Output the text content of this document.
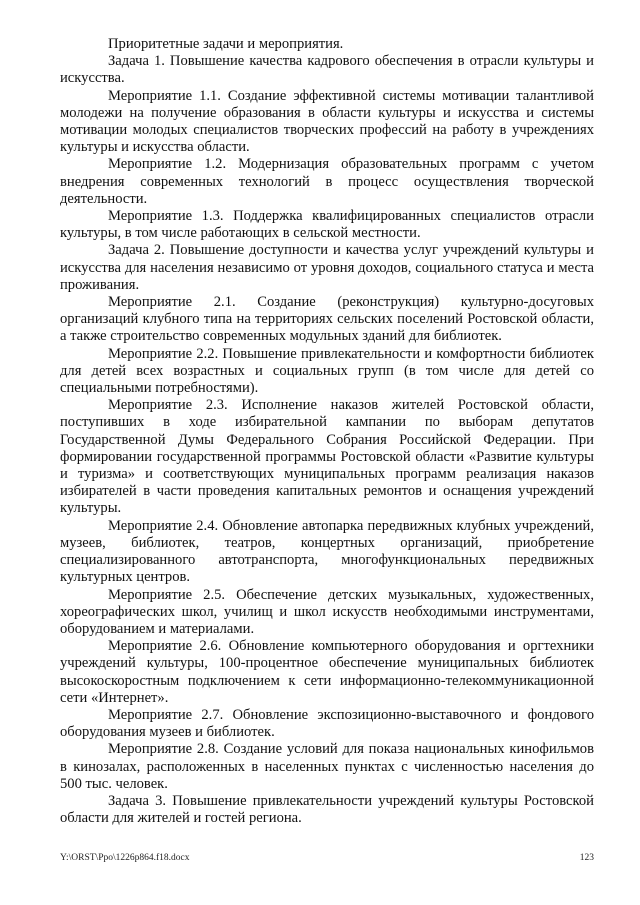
Приоритетные задачи и мероприятия.

Задача 1. Повышение качества кадрового обеспечения в отрасли культуры и искусства.

Мероприятие 1.1. Создание эффективной системы мотивации талантливой молодежи на получение образования в области культуры и искусства и системы мотивации молодых специалистов творческих профессий на работу в учреждениях культуры и искусства области.

Мероприятие 1.2. Модернизация образовательных программ с учетом внедрения современных технологий в процесс осуществления творческой деятельности.

Мероприятие 1.3. Поддержка квалифицированных специалистов отрасли культуры, в том числе работающих в сельской местности.

Задача 2. Повышение доступности и качества услуг учреждений культуры и искусства для населения независимо от уровня доходов, социального статуса и места проживания.

Мероприятие 2.1. Создание (реконструкция) культурно-досуговых организаций клубного типа на территориях сельских поселений Ростовской области, а также строительство современных модульных зданий для библиотек.

Мероприятие 2.2. Повышение привлекательности и комфортности библиотек для детей всех возрастных и социальных групп (в том числе для детей со специальными потребностями).

Мероприятие 2.3. Исполнение наказов жителей Ростовской области, поступивших в ходе избирательной кампании по выборам депутатов Государственной Думы Федерального Собрания Российской Федерации. При формировании государственной программы Ростовской области «Развитие культуры и туризма» и соответствующих муниципальных программ реализация наказов избирателей в части проведения капитальных ремонтов и оснащения учреждений культуры.

Мероприятие 2.4. Обновление автопарка передвижных клубных учреждений, музеев, библиотек, театров, концертных организаций, приобретение специализированного автотранспорта, многофункциональных передвижных культурных центров.

Мероприятие 2.5. Обеспечение детских музыкальных, художественных, хореографических школ, училищ и школ искусств необходимыми инструментами, оборудованием и материалами.

Мероприятие 2.6. Обновление компьютерного оборудования и оргтехники учреждений культуры, 100-процентное обеспечение муниципальных библиотек высокоскоростным подключением к сети информационно-телекоммуникационной сети «Интернет».

Мероприятие 2.7. Обновление экспозиционно-выставочного и фондового оборудования музеев и библиотек.

Мероприятие 2.8. Создание условий для показа национальных кинофильмов в кинозалах, расположенных в населенных пунктах с численностью населения до 500 тыс. человек.

Задача 3. Повышение привлекательности учреждений культуры Ростовской области для жителей и гостей региона.

Y:\ORST\Ppo\1226p864.f18.docx	123
